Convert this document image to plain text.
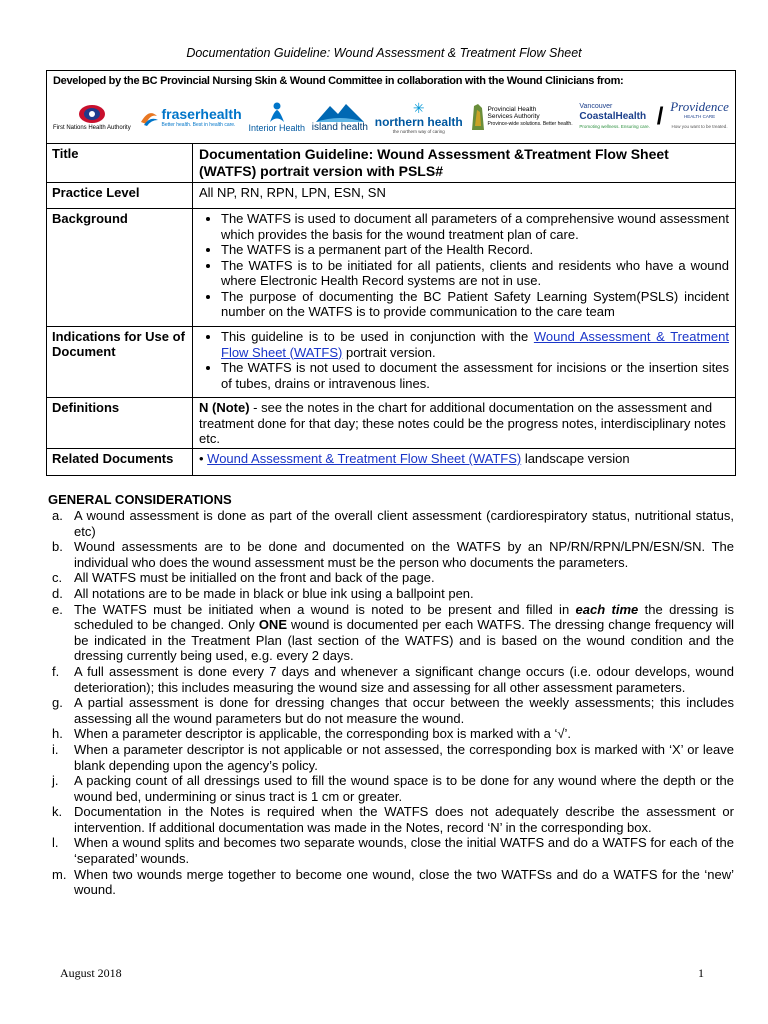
Documentation Guideline: Wound Assessment & Treatment Flow Sheet
Developed by the BC Provincial Nursing Skin & Wound Committee in collaboration with the Wound Clinicians from:
First Nations Health Authority
fraserhealth
Better health. Best in health care.	Interior Health island health
✳
northern health
the northern way of caring
Provincial Health
Services Authority
Province-wide solutions. Better health.
Vancouver
CoastalHealth
Promoting wellness. Ensuring care. / Providence
HEALTH CARE
How you want to be treated.
Title	Documentation Guideline: Wound Assessment &Treatment Flow Sheet (WATFS) portrait version with PSLS#
Practice Level	All NP, RN, RPN, LPN, ESN, SN
Background
•	The WATFS is used to document all parameters of a comprehensive wound assessment which provides the basis for the wound treatment plan of care.
• The WATFS is a permanent part of the Health Record.
• The WATFS is to be initiated for all patients, clients and residents who have a wound where Electronic Health Record systems are not in use.
• The purpose of documenting the BC Patient Safety Learning System(PSLS) incident number on the WATFS is to provide communication to the care team
Indications for Use of Document
• This guideline is to be used in conjunction with the Wound Assessment & Treatment Flow Sheet (WATFS) portrait version.
• The WATFS is not used to document the assessment for incisions or the insertion sites of tubes, drains or intravenous lines.
Definitions	N (Note) - see the notes in the chart for additional documentation on the assessment and treatment done for that day; these notes could be the progress notes, interdisciplinary notes etc.
Related Documents	• Wound Assessment & Treatment Flow Sheet (WATFS) landscape version
GENERAL CONSIDERATIONS
a. A wound assessment is done as part of the overall client assessment (cardiorespiratory status, nutritional status, etc)
b. Wound assessments are to be done and documented on the WATFS by an NP/RN/RPN/LPN/ESN/SN. The individual who does the wound assessment must be the person who documents the parameters.
c. All WATFS must be initialled on the front and back of the page.
d. All notations are to be made in black or blue ink using a ballpoint pen.
e. The WATFS must be initiated when a wound is noted to be present and filled in each time the dressing is scheduled to be changed. Only ONE wound is documented per each WATFS. The dressing change frequency will be indicated in the Treatment Plan (last section of the WATFS) and is based on the wound condition and the dressing currently being used, e.g. every 2 days.
f.	A full assessment is done every 7 days and whenever a significant change occurs (i.e. odour develops, wound deterioration); this includes measuring the wound size and assessing for all other assessment parameters.
g. A partial assessment is done for dressing changes that occur between the weekly assessments; this includes assessing all the wound parameters but do not measure the wound.
h. When a parameter descriptor is applicable, the corresponding box is marked with a ‘√’.
i.	When a parameter descriptor is not applicable or not assessed, the corresponding box is marked with ‘X’ or leave blank depending upon the agency’s policy.
j.	A packing count of all dressings used to fill the wound space is to be done for any wound where the depth or the wound bed, undermining or sinus tract is 1 cm or greater.
k. Documentation in the Notes is required when the WATFS does not adequately describe the assessment or intervention. If additional documentation was made in the Notes, record ‘N’ in the corresponding box.
l.	When a wound splits and becomes two separate wounds, close the initial WATFS and do a WATFS for each of the ‘separated’ wounds.
m. When two wounds merge together to become one wound, close the two WATFSs and do a WATFS for the ‘new’ wound.
August 2018	1
